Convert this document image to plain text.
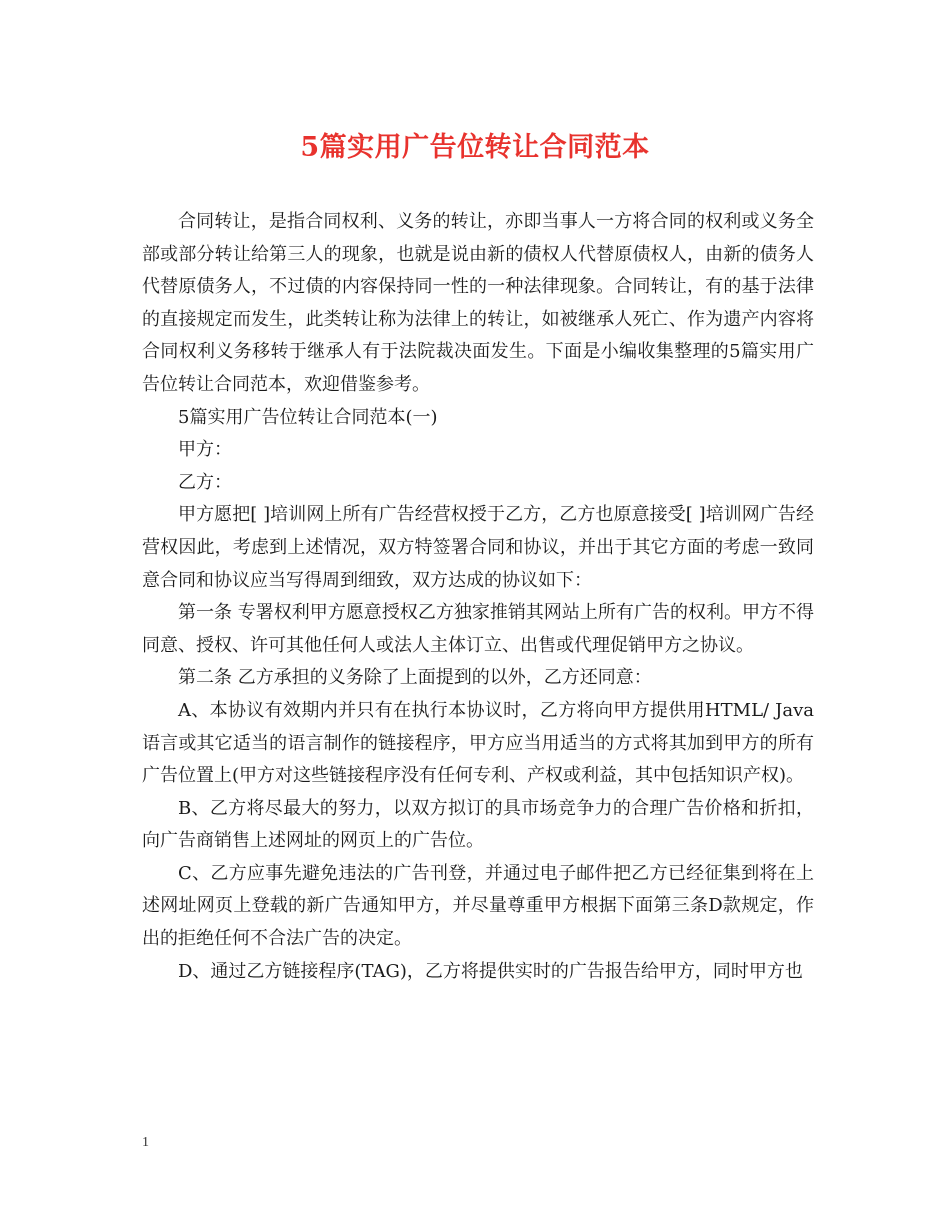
5篇实用广告位转让合同范本

合同转让，是指合同权利、义务的转让，亦即当事人一方将合同的权利或义务全部或部分转让给第三人的现象，也就是说由新的债权人代替原债权人，由新的债务人代替原债务人，不过债的内容保持同一性的一种法律现象。合同转让，有的基于法律的直接规定而发生，此类转让称为法律上的转让，如被继承人死亡、作为遗产内容将合同权利义务移转于继承人有于法院裁决面发生。下面是小编收集整理的5篇实用广告位转让合同范本，欢迎借鉴参考。

5篇实用广告位转让合同范本(一)

甲方：

乙方：

甲方愿把[ ]培训网上所有广告经营权授于乙方，乙方也原意接受[ ]培训网广告经营权因此，考虑到上述情况，双方特签署合同和协议，并出于其它方面的考虑一致同意合同和协议应当写得周到细致，双方达成的协议如下：

第一条 专署权利甲方愿意授权乙方独家推销其网站上所有广告的权利。甲方不得同意、授权、许可其他任何人或法人主体订立、出售或代理促销甲方之协议。

第二条 乙方承担的义务除了上面提到的以外，乙方还同意：

A、本协议有效期内并只有在执行本协议时，乙方将向甲方提供用HTML/ Java语言或其它适当的语言制作的链接程序，甲方应当用适当的方式将其加到甲方的所有广告位置上(甲方对这些链接程序没有任何专利、产权或利益，其中包括知识产权)。

B、乙方将尽最大的努力，以双方拟订的具市场竞争力的合理广告价格和折扣，向广告商销售上述网址的网页上的广告位。

C、乙方应事先避免违法的广告刊登，并通过电子邮件把乙方已经征集到将在上述网址网页上登载的新广告通知甲方，并尽量尊重甲方根据下面第三条D款规定，作出的拒绝任何不合法广告的决定。

D、通过乙方链接程序(TAG)，乙方将提供实时的广告报告给甲方，同时甲方也

1
